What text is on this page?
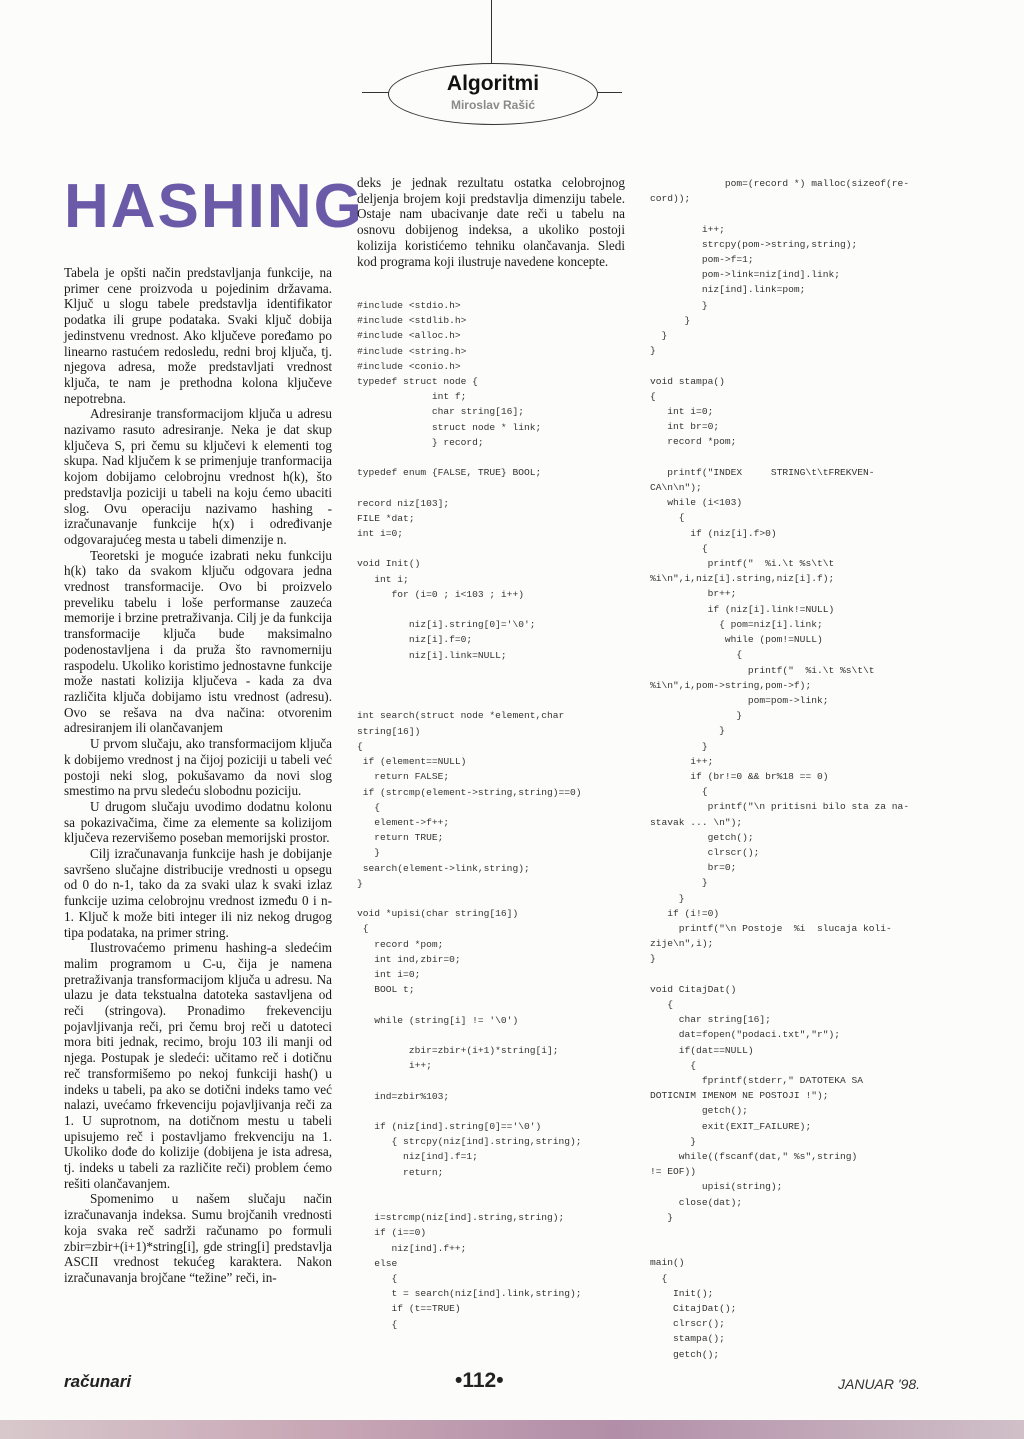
Algoritmi
Miroslav Rašić
HASHING

Tabela je opšti način predstavljanja funkcije, na primer cene proizvoda u pojedinim državama. Ključ u slogu tabele predstavlja identifikator podatka ili grupe podataka. Svaki ključ dobija jedinstvenu vrednost. Ako ključeve poređamo po linearno rastućem redosledu, redni broj ključa, tj. njegova adresa, može predstavljati vrednost ključa, te nam je prethodna kolona ključeve nepotrebna.

Adresiranje transformacijom ključa u adresu nazivamo rasuto adresiranje. Neka je dat skup ključeva S, pri čemu su ključevi k elementi tog skupa. Nad ključem k se primenjuje tranformacija kojom dobijamo celobrojnu vrednost h(k), što predstavlja poziciji u tabeli na koju ćemo ubaciti slog. Ovu operaciju nazivamo hashing - izračunavanje funkcije h(x) i određivanje odgovarajućeg mesta u tabeli dimenzije n.

Teoretski je moguće izabrati neku funkciju h(k) tako da svakom ključu odgovara jedna vrednost transformacije. Ovo bi proizvelo preveliku tabelu i loše performanse zauzeća memorije i brzine pretraživanja. Cilj je da funkcija transformacije ključa bude maksimalno podenostavljena i da pruža što ravnomerniju raspodelu. Ukoliko koristimo jednostavne funkcije može nastati kolizija ključeva - kada za dva različita ključa dobijamo istu vrednost (adresu). Ovo se rešava na dva načina: otvorenim adresiranjem ili olančavanjem

U prvom slučaju, ako transformacijom ključa k dobijemo vrednost j na čijoj poziciji u tabeli već postoji neki slog, pokušavamo da novi slog smestimo na prvu sledeću slobodnu poziciju.

U drugom slučaju uvodimo dodatnu kolonu sa pokazivačima, čime za elemente sa kolizijom ključeva rezervišemo poseban memorijski prostor.

Cilj izračunavanja funkcije hash je dobijanje savršeno slučajne distribucije vrednosti u opsegu od 0 do n-1, tako da za svaki ulaz k svaki izlaz funkcije uzima celobrojnu vrednost između 0 i n-1. Ključ k može biti integer ili niz nekog drugog tipa podataka, na primer string.

Ilustrovaćemo primenu hashing-a sledećim malim programom u C-u, čija je namena pretraživanja transformacijom ključa u adresu. Na ulazu je data tekstualna datoteka sastavljena od reči (stringova). Pronadimo frekevenciju pojavljivanja reči, pri čemu broj reči u datoteci mora biti jednak, recimo, broju 103 ili manji od njega. Postupak je sledeći: učitamo reč i dotičnu reč transformišemo po nekoj funkciji hash() u indeks u tabeli, pa ako se dotični indeks tamo već nalazi, uvećamo frkevenciju pojavljivanja reči za 1. U suprotnom, na dotičnom mestu u tabeli upisujemo reč i postavljamo frekvenciju na 1. Ukoliko dođe do kolizije (dobijena je ista adresa, tj. indeks u tabeli za različite reči) problem ćemo rešiti olančavanjem.

Spomenimo u našem slučaju način izračunavanja indeksa. Sumu brojčanih vrednosti koja svaka reč sadrži računamo po formuli zbir=zbir+(i+1)*string[i], gde string[i] predstavlja ASCII vrednost tekućeg karaktera. Nakon izračunavanja brojčane “težine” reči, in-

deks je jednak rezultatu ostatka celobrojnog deljenja brojem koji predstavlja dimenziju tabele. Ostaje nam ubacivanje date reči u tabelu na osnovu dobijenog indeksa, a ukoliko postoji kolizija koristićemo tehniku olančavanja. Sledi kod programa koji ilustruje navedene koncepte.

#include <stdio.h>
#include <stdlib.h>
#include <alloc.h>
#include <string.h>
#include <conio.h>
typedef struct node {
int f;
char string[16];
struct node * link;
} record;

typedef enum {FALSE, TRUE} BOOL;

record niz[103];
FILE *dat;
int i=0;

void Init()
int i;
for (i=0 ; i<103 ; i++)

niz[i].string[0]='\0';
niz[i].f=0;
niz[i].link=NULL;

int search(struct node *element,char
string[16])
{
if (element==NULL)
return FALSE;
if (strcmp(element->string,string)==0)
{
element->f++;
return TRUE;
}
search(element->link,string);
}

void *upisi(char string[16])
{
record *pom;
int ind,zbir=0;
int i=0;
BOOL t;

while (string[i] != '\0')

zbir=zbir+(i+1)*string[i];
i++;

ind=zbir%103;

if (niz[ind].string[0]=='\0')
{ strcpy(niz[ind].string,string);
niz[ind].f=1;
return;

i=strcmp(niz[ind].string,string);
if (i==0)
niz[ind].f++;
else
{
t = search(niz[ind].link,string);
if (t==TRUE)
{
pom=(record *) malloc(sizeof(re-
cord));

i++;
strcpy(pom->string,string);
pom->f=1;
pom->link=niz[ind].link;
niz[ind].link=pom;
}
}
}
}

void stampa()
{
int i=0;
int br=0;
record *pom;

printf("INDEX     STRING\t\tFREKVEN-
CA\n\n");
while (i<103)
{
if (niz[i].f>0)
{
printf("  %i.\t %s\t\t
%i\n",i,niz[i].string,niz[i].f);
br++;
if (niz[i].link!=NULL)
{ pom=niz[i].link;
while (pom!=NULL)
{
printf("  %i.\t %s\t\t
%i\n",i,pom->string,pom->f);
pom=pom->link;
}
}
}
i++;
if (br!=0 && br%18 == 0)
{
printf("\n pritisni bilo sta za na-
stavak ... \n");
getch();
clrscr();
br=0;
}
}
if (i!=0)
printf("\n Postoje  %i  slucaja koli-
zije\n",i);
}

void CitajDat()
{
char string[16];
dat=fopen("podaci.txt","r");
if(dat==NULL)
{
fprintf(stderr," DATOTEKA SA
DOTICNIM IMENOM NE POSTOJI !");
getch();
exit(EXIT_FAILURE);
}
while((fscanf(dat," %s",string)
!= EOF))
upisi(string);
close(dat);
}

main()
{
Init();
CitajDat();
clrscr();
stampa();
getch();
računari	•112•	JANUAR '98.
